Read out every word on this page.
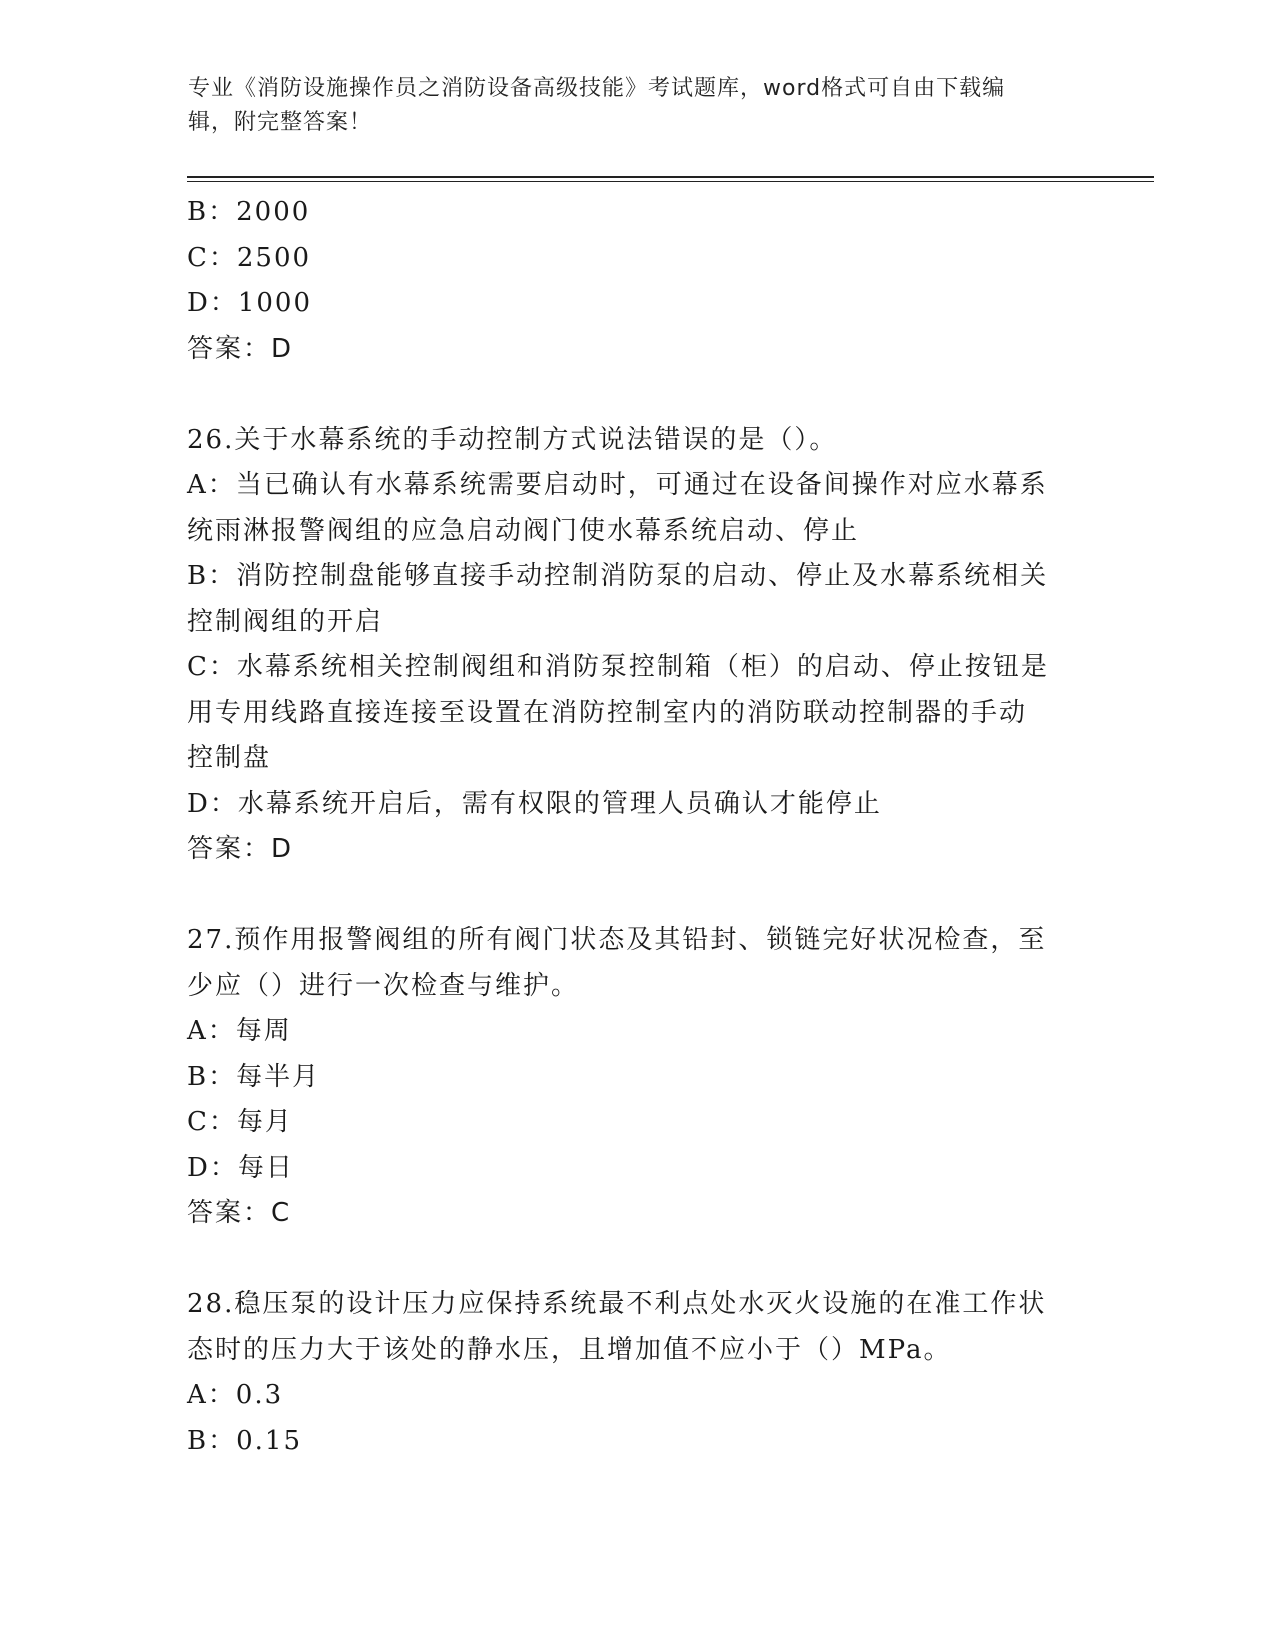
专业《消防设施操作员之消防设备高级技能》考试题库，word格式可自由下载编
辑，附完整答案！
B：2000
C：2500
D：1000
答案：D
26.关于水幕系统的手动控制方式说法错误的是（）。
A：当已确认有水幕系统需要启动时，可通过在设备间操作对应水幕系
统雨淋报警阀组的应急启动阀门使水幕系统启动、停止
B：消防控制盘能够直接手动控制消防泵的启动、停止及水幕系统相关
控制阀组的开启
C：水幕系统相关控制阀组和消防泵控制箱（柜）的启动、停止按钮是
用专用线路直接连接至设置在消防控制室内的消防联动控制器的手动
控制盘
D：水幕系统开启后，需有权限的管理人员确认才能停止
答案：D
27.预作用报警阀组的所有阀门状态及其铅封、锁链完好状况检查，至
少应（）进行一次检查与维护。
A：每周
B：每半月
C：每月
D：每日
答案：C
28.稳压泵的设计压力应保持系统最不利点处水灭火设施的在准工作状
态时的压力大于该处的静水压，且增加值不应小于（）MPa。
A：0.3
B：0.15
